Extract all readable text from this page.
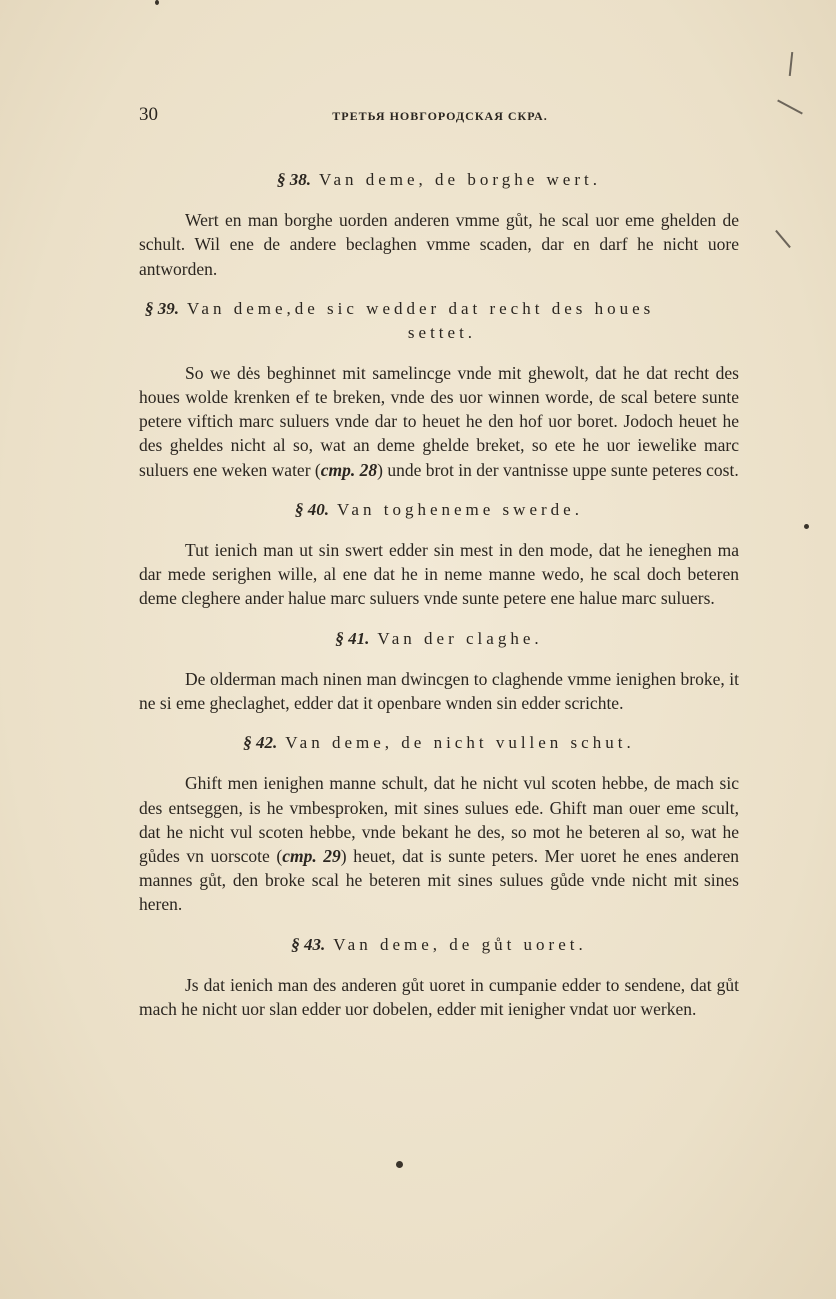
30	ТРЕТЬЯ НОВГОРОДСКАЯ СКРА.
§ 38. Van deme, de borghe wert.

Wert en man borghe uorden anderen vmme gůt, he scal uor eme ghelden de schult. Wil ene de andere beclaghen vmme scaden, dar en darf he nicht uore antworden.

§ 39. Van deme,de sic wedder dat recht des houes
settet.

So we dės beghinnet mit samelincge vnde mit ghewolt, dat he dat recht des houes wolde krenken ef te breken, vnde des uor winnen worde, de scal betere sunte petere viftich marc suluers vnde dar to heuet he den hof uor boret. Jodoch heuet he des gheldes nicht al so, wat an deme ghelde breket, so ete he uor iewelike marc suluers ene weken water (cmp. 28) unde brot in der vantnisse uppe sunte peteres cost.

§ 40. Van togheneme swerde.

Tut ienich man ut sin swert edder sin mest in den mode, dat he ieneghen ma dar mede serighen wille, al ene dat he in neme manne wedo, he scal doch beteren deme cleghere ander halue marc suluers vnde sunte petere ene halue marc suluers.

§ 41. Van der claghe.

De olderman mach ninen man dwincgen to claghende vmme ienighen broke, it ne si eme gheclaghet, edder dat it openbare wnden sin edder scrichte.

§ 42. Van deme, de nicht vullen schut.

Ghift men ienighen manne schult, dat he nicht vul scoten hebbe, de mach sic des entseggen, is he vmbesproken, mit sines sulues ede. Ghift man ouer eme scult, dat he nicht vul scoten hebbe, vnde bekant he des, so mot he beteren al so, wat he gůdes vn uorscote (cmp. 29) heuet, dat is sunte peters. Mer uoret he enes anderen mannes gůt, den broke scal he beteren mit sines sulues gůde vnde nicht mit sines heren.

§ 43. Van deme, de gůt uoret.

Js dat ienich man des anderen gůt uoret in cumpanie edder to sendene, dat gůt mach he nicht uor slan edder uor dobelen, edder mit ienigher vndat uor werken.
